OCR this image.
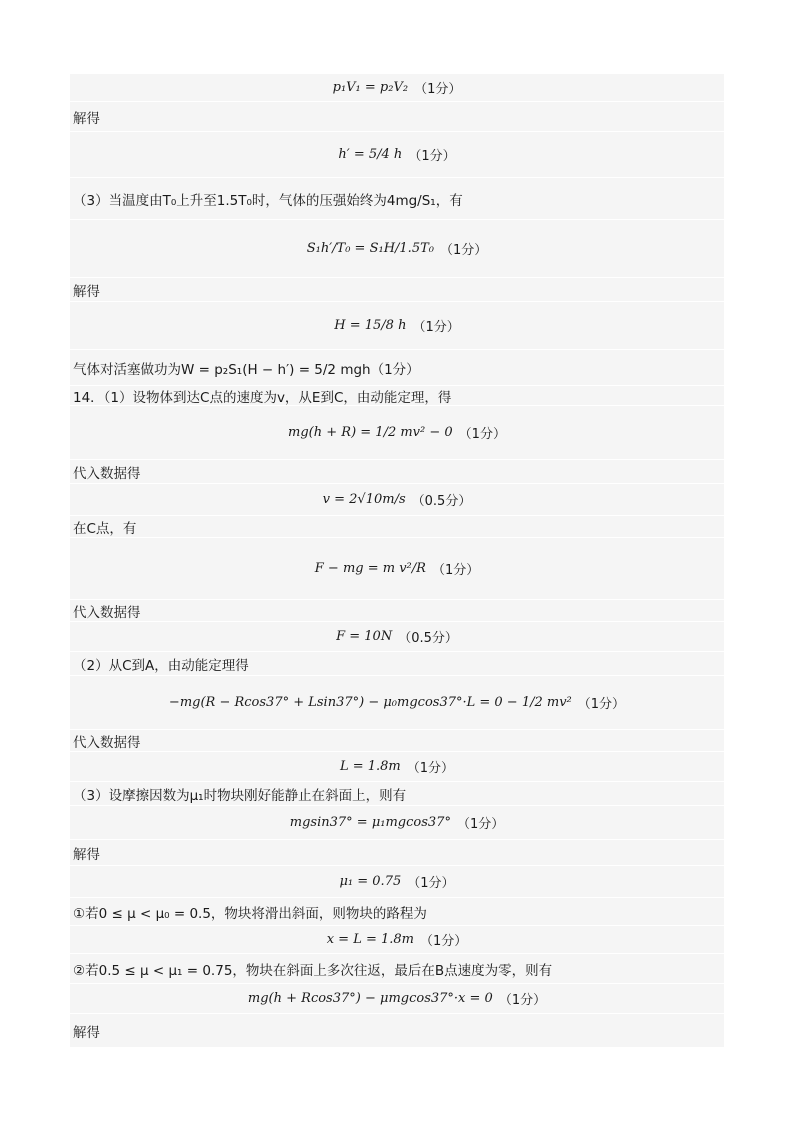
p₁V₁ = p₂V₂ （1分）
解得
h′ = 5/4 h （1分）
（3）当温度由T₀上升至1.5T₀时，气体的压强始终为4mg/S₁，有
S₁h′/T₀ = S₁H/1.5T₀ （1分）
解得
H = 15/8 h （1分）
气体对活塞做功为W = p₂S₁(H − h′) = 5/2 mgh（1分）
14．（1）设物体到达C点的速度为v，从E到C，由动能定理，得
mg(h + R) = 1/2 mv² − 0 （1分）
代入数据得
v = 2√10m/s （0.5分）
在C点，有
F − mg = m v²/R （1分）
代入数据得
F = 10N （0.5分）
（2）从C到A，由动能定理得
−mg(R − Rcos37° + Lsin37°) − μ₀mgcos37°·L = 0 − 1/2 mv² （1分）
代入数据得
L = 1.8m （1分）
（3）设摩擦因数为μ₁时物块刚好能静止在斜面上，则有
mgsin37° = μ₁mgcos37° （1分）
解得
μ₁ = 0.75 （1分）
①若0 ≤ μ < μ₀ = 0.5，物块将滑出斜面，则物块的路程为
x = L = 1.8m （1分）
②若0.5 ≤ μ < μ₁ = 0.75，物块在斜面上多次往返，最后在B点速度为零，则有
mg(h + Rcos37°) − μmgcos37°·x = 0 （1分）
解得
